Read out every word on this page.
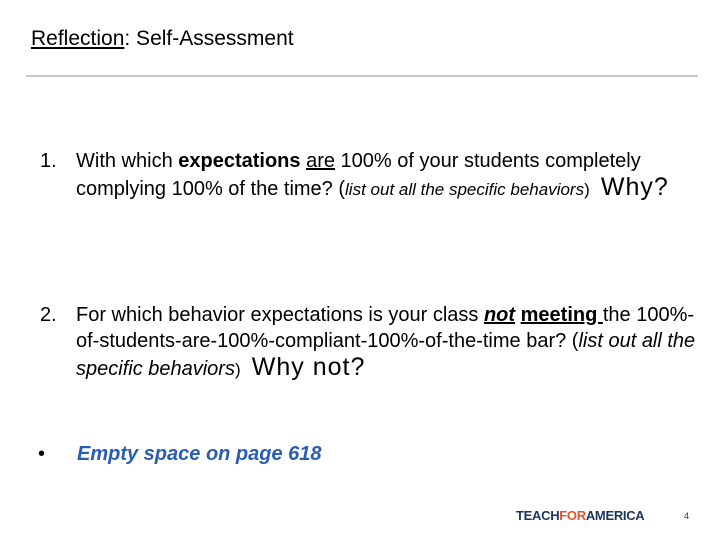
Reflection: Self-Assessment
1. With which expectations are 100% of your students completely complying 100% of the time? (list out all the specific behaviors) Why?
2. For which behavior expectations is your class not meeting the 100%-of-students-are-100%-compliant-100%-of-the-time bar? (list out all the specific behaviors) Why not?
• Empty space on page 618
TEACHFORAMERICA	4
